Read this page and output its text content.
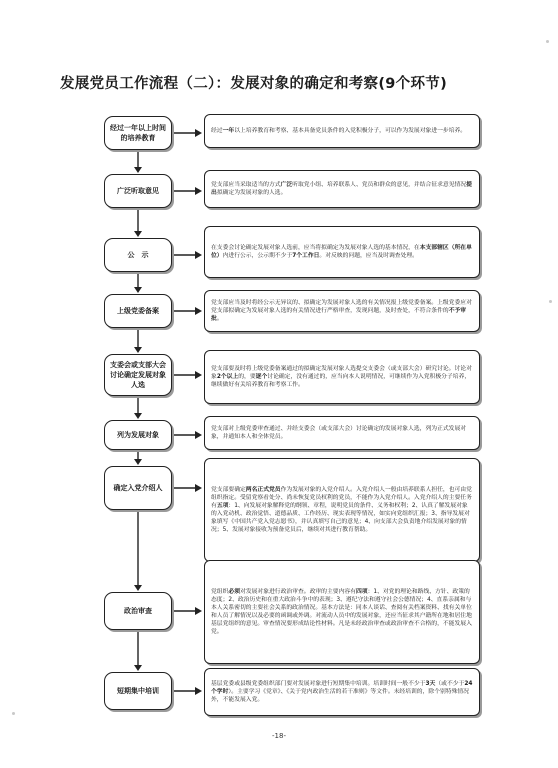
发展党员工作流程（二）：发展对象的确定和考察(9个环节)
经过一年以上时间的培养教育
经过一年以上培养教育和考察、基本具备党员条件的入党积极分子，可以作为发展对象进一步培养。
广泛听取意见
党支部应当采取适当的方式广泛听取党小组、培养联系人、党员和群众的意见，并结合征求意见情况提出拟确定为发展对象的人选。
公　示
在支委会讨论确定发展对象人选前，应当将拟确定为发展对象人选的基本情况，在本支部辖区（所在单位）内进行公示，公示期不少于7个工作日。对反映的问题，应当及时调查处理。
上级党委备案
党支部应当及时将经公示无异议的、拟确定为发展对象人选的有关情况报上级党委备案。上级党委应对党支部拟确定为发展对象人选的有关情况进行严格审查，发现问题，及时查处，不符合条件的不予审批。
支委会或支部大会讨论确定发展对象人选
党支部要及时将上级党委备案通过的拟确定发展对象人选提交支委会（或支部大会）研究讨论。讨论对象2个以上的，要逐个讨论确定，没有通过的，应当向本人说明情况，可继续作为入党积极分子培养，继续做好有关培养教育和考察工作。
列为发展对象
党支部对上级党委审查通过、并经支委会（或支部大会）讨论确定的发展对象人选，列为正式发展对象，并通知本人和全体党员。
确定入党介绍人	党支部要确定两名正式党员作为发展对象的入党介绍人。入党介绍人一般由培养联系人担任，也可由党组织指定。受留党察看处分、尚未恢复党员权利的党员，不能作为入党介绍人。入党介绍人的主要任务有五项：1、向发展对象解释党的纲领、章程，说明党员的条件、义务和权利；2、认真了解发展对象的入党动机、政治觉悟、道德品质、工作经历、现实表现等情况，如实向党组织汇报；3、指导发展对象填写《中国共产党入党志愿书》，并认真填写自己的意见；4、向支部大会负责地介绍发展对象的情况；5、发展对象接收为预备党员后，继续对其进行教育帮助。
政治审查
党组织必须对发展对象进行政治审查。政审的主要内容有四项：1、对党的理论和路线、方针、政策的态度；2、政治历史和在重大政治斗争中的表现；3、遵纪守法和遵守社会公德情况；4、直系亲属和与本人关系密切的主要社会关系的政治情况。基本方法是：同本人谈话、查阅有关档案资料、找有关单位和人员了解情况以及必要的函调或外调。对流动人员中的发展对象，还应当征求其户籍所在地和居住地基层党组织的意见。审查情况要形成结论性材料。凡是未经政治审查或政治审查不合格的，不能发展入党。
短期集中培训
基层党委或县级党委组织部门要对发展对象进行短期集中培训。培训时间一般不少于3天（或不少于24个学时）。主要学习《党章》、《关于党内政治生活的若干准则》等文件。未经培训的，除个别特殊情况外，不能发展入党。
-18-
